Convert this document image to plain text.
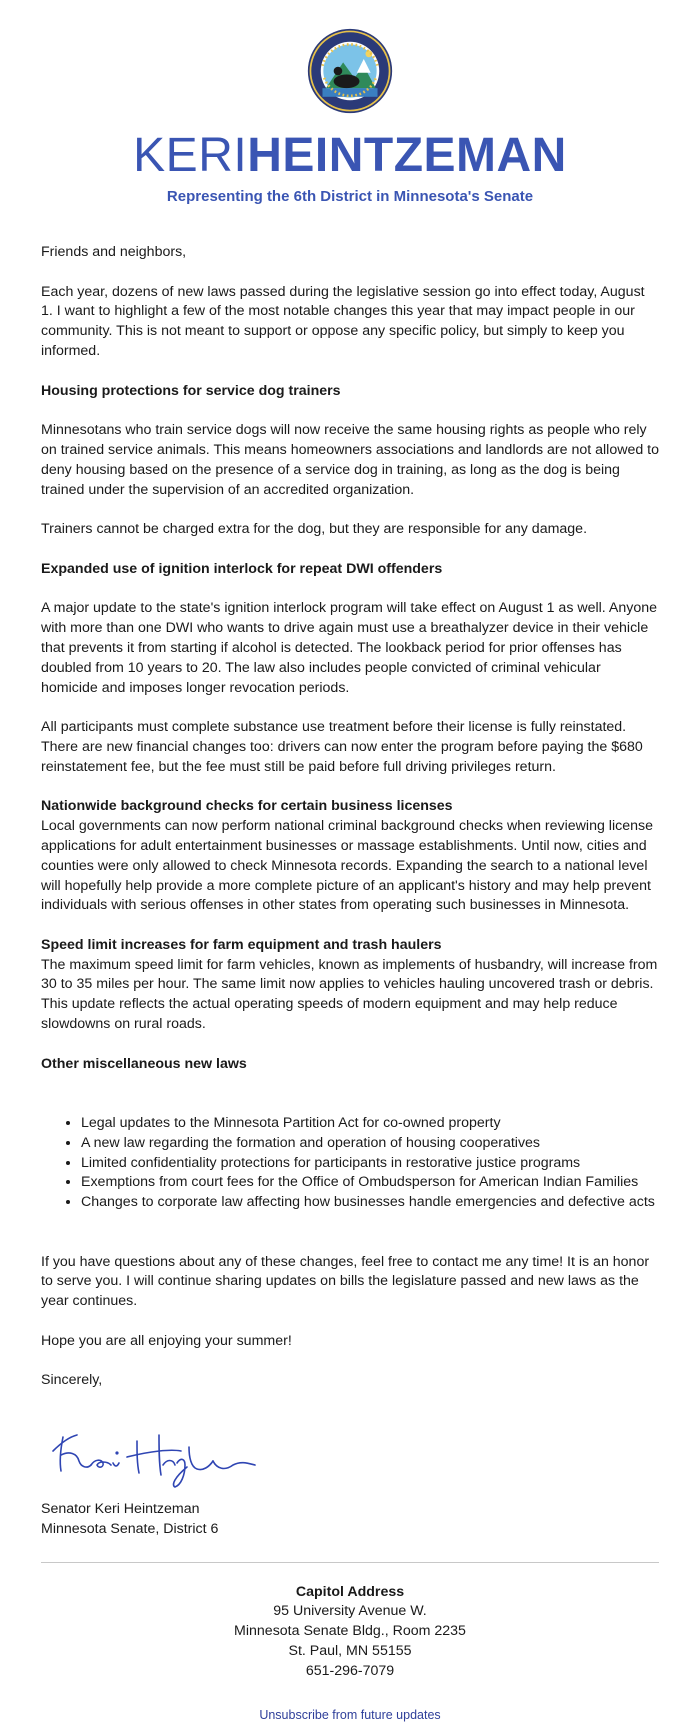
KERIHEINTZEMAN
Representing the 6th District in Minnesota's Senate

Friends and neighbors,

Each year, dozens of new laws passed during the legislative session go into effect today, August 1. I want to highlight a few of the most notable changes this year that may impact people in our community. This is not meant to support or oppose any specific policy, but simply to keep you informed.

Housing protections for service dog trainers

Minnesotans who train service dogs will now receive the same housing rights as people who rely on trained service animals. This means homeowners associations and landlords are not allowed to deny housing based on the presence of a service dog in training, as long as the dog is being trained under the supervision of an accredited organization.

Trainers cannot be charged extra for the dog, but they are responsible for any damage.

Expanded use of ignition interlock for repeat DWI offenders

A major update to the state's ignition interlock program will take effect on August 1 as well. Anyone with more than one DWI who wants to drive again must use a breathalyzer device in their vehicle that prevents it from starting if alcohol is detected. The lookback period for prior offenses has doubled from 10 years to 20. The law also includes people convicted of criminal vehicular homicide and imposes longer revocation periods.

All participants must complete substance use treatment before their license is fully reinstated. There are new financial changes too: drivers can now enter the program before paying the $680 reinstatement fee, but the fee must still be paid before full driving privileges return.

Nationwide background checks for certain business licenses

Local governments can now perform national criminal background checks when reviewing license applications for adult entertainment businesses or massage establishments. Until now, cities and counties were only allowed to check Minnesota records. Expanding the search to a national level will hopefully help provide a more complete picture of an applicant's history and may help prevent individuals with serious offenses in other states from operating such businesses in Minnesota.

Speed limit increases for farm equipment and trash haulers

The maximum speed limit for farm vehicles, known as implements of husbandry, will increase from 30 to 35 miles per hour. The same limit now applies to vehicles hauling uncovered trash or debris. This update reflects the actual operating speeds of modern equipment and may help reduce slowdowns on rural roads.

Other miscellaneous new laws

• Legal updates to the Minnesota Partition Act for co-owned property
• A new law regarding the formation and operation of housing cooperatives
• Limited confidentiality protections for participants in restorative justice programs
• Exemptions from court fees for the Office of Ombudsperson for American Indian Families
• Changes to corporate law affecting how businesses handle emergencies and defective acts

If you have questions about any of these changes, feel free to contact me any time! It is an honor to serve you. I will continue sharing updates on bills the legislature passed and new laws as the year continues.

Hope you are all enjoying your summer!

Sincerely,

Senator Keri Heintzeman

Minnesota Senate, District 6

Capitol Address
95 University Avenue W.
Minnesota Senate Bldg., Room 2235
St. Paul, MN 55155
651-296-7079
Unsubscribe from future updates
